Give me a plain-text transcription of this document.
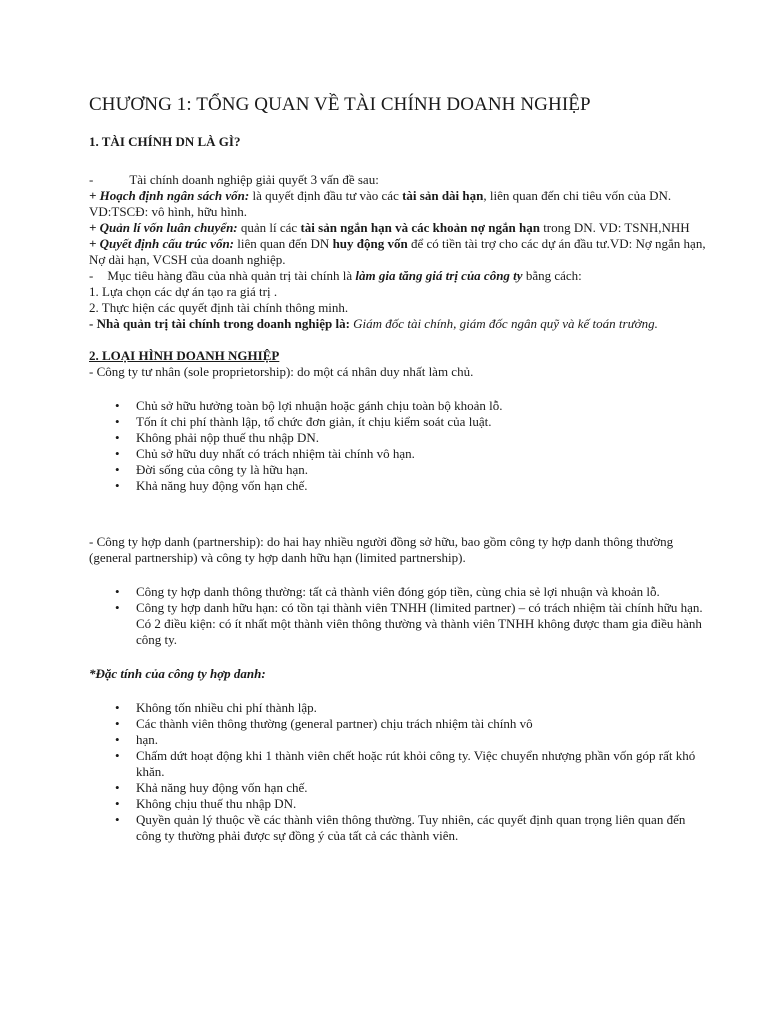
CHƯƠNG 1: TỔNG QUAN VỀ TÀI CHÍNH DOANH NGHIỆP
1. TÀI CHÍNH DN LÀ GÌ?

-	Tài chính doanh nghiệp giải quyết 3 vấn đề sau:

+ Hoạch định ngân sách vốn: là quyết định đầu tư vào các tài sản dài hạn, liên quan đến chi tiêu vốn của DN. VD:TSCĐ: vô hình, hữu hình.

+ Quản lí vốn luân chuyển: quản lí các tài sản ngắn hạn và các khoản nợ ngắn hạn trong DN. VD: TSNH,NHH

+ Quyết định cấu trúc vốn: liên quan đến DN huy động vốn để có tiền tài trợ cho các dự án đầu tư.VD: Nợ ngắn hạn, Nợ dài hạn, VCSH của doanh nghiệp.

- Mục tiêu hàng đầu của nhà quản trị tài chính là làm gia tăng giá trị của công ty bằng cách:

1. Lựa chọn các dự án tạo ra giá trị .

2. Thực hiện các quyết định tài chính thông minh.

- Nhà quản trị tài chính trong doanh nghiệp là: Giám đốc tài chính, giám đốc ngân quỹ và kế toán trưởng.

2. LOẠI HÌNH DOANH NGHIỆP

- Công ty tư nhân (sole proprietorship): do một cá nhân duy nhất làm chủ.

• Chủ sở hữu hưởng toàn bộ lợi nhuận hoặc gánh chịu toàn bộ khoản lỗ.
• Tốn ít chi phí thành lập, tổ chức đơn giản, ít chịu kiểm soát của luật.
• Không phải nộp thuế thu nhập DN.
• Chủ sở hữu duy nhất có trách nhiệm tài chính vô hạn.
• Đời sống của công ty là hữu hạn.
• Khả năng huy động vốn hạn chế.

- Công ty hợp danh (partnership): do hai hay nhiều người đồng sở hữu, bao gồm công ty hợp danh thông thường (general partnership) và công ty hợp danh hữu hạn (limited partnership).

• Công ty hợp danh thông thường: tất cả thành viên đóng góp tiền, cùng chia sẻ lợi nhuận và khoản lỗ.
• Công ty hợp danh hữu hạn: có tồn tại thành viên TNHH (limited partner) – có trách nhiệm tài chính hữu hạn. Có 2 điều kiện: có ít nhất một thành viên thông thường và thành viên TNHH không được tham gia điều hành công ty.

*Đặc tính của công ty hợp danh:

• Không tốn nhiều chi phí thành lập.
• Các thành viên thông thường (general partner) chịu trách nhiệm tài chính vô
• hạn.
• Chấm dứt hoạt động khi 1 thành viên chết hoặc rút khỏi công ty. Việc chuyển nhượng phần vốn góp rất khó khăn.
• Khả năng huy động vốn hạn chế.
• Không chịu thuế thu nhập DN.
• Quyền quản lý thuộc về các thành viên thông thường. Tuy nhiên, các quyết định quan trọng liên quan đến công ty thường phải được sự đồng ý của tất cả các thành viên.
